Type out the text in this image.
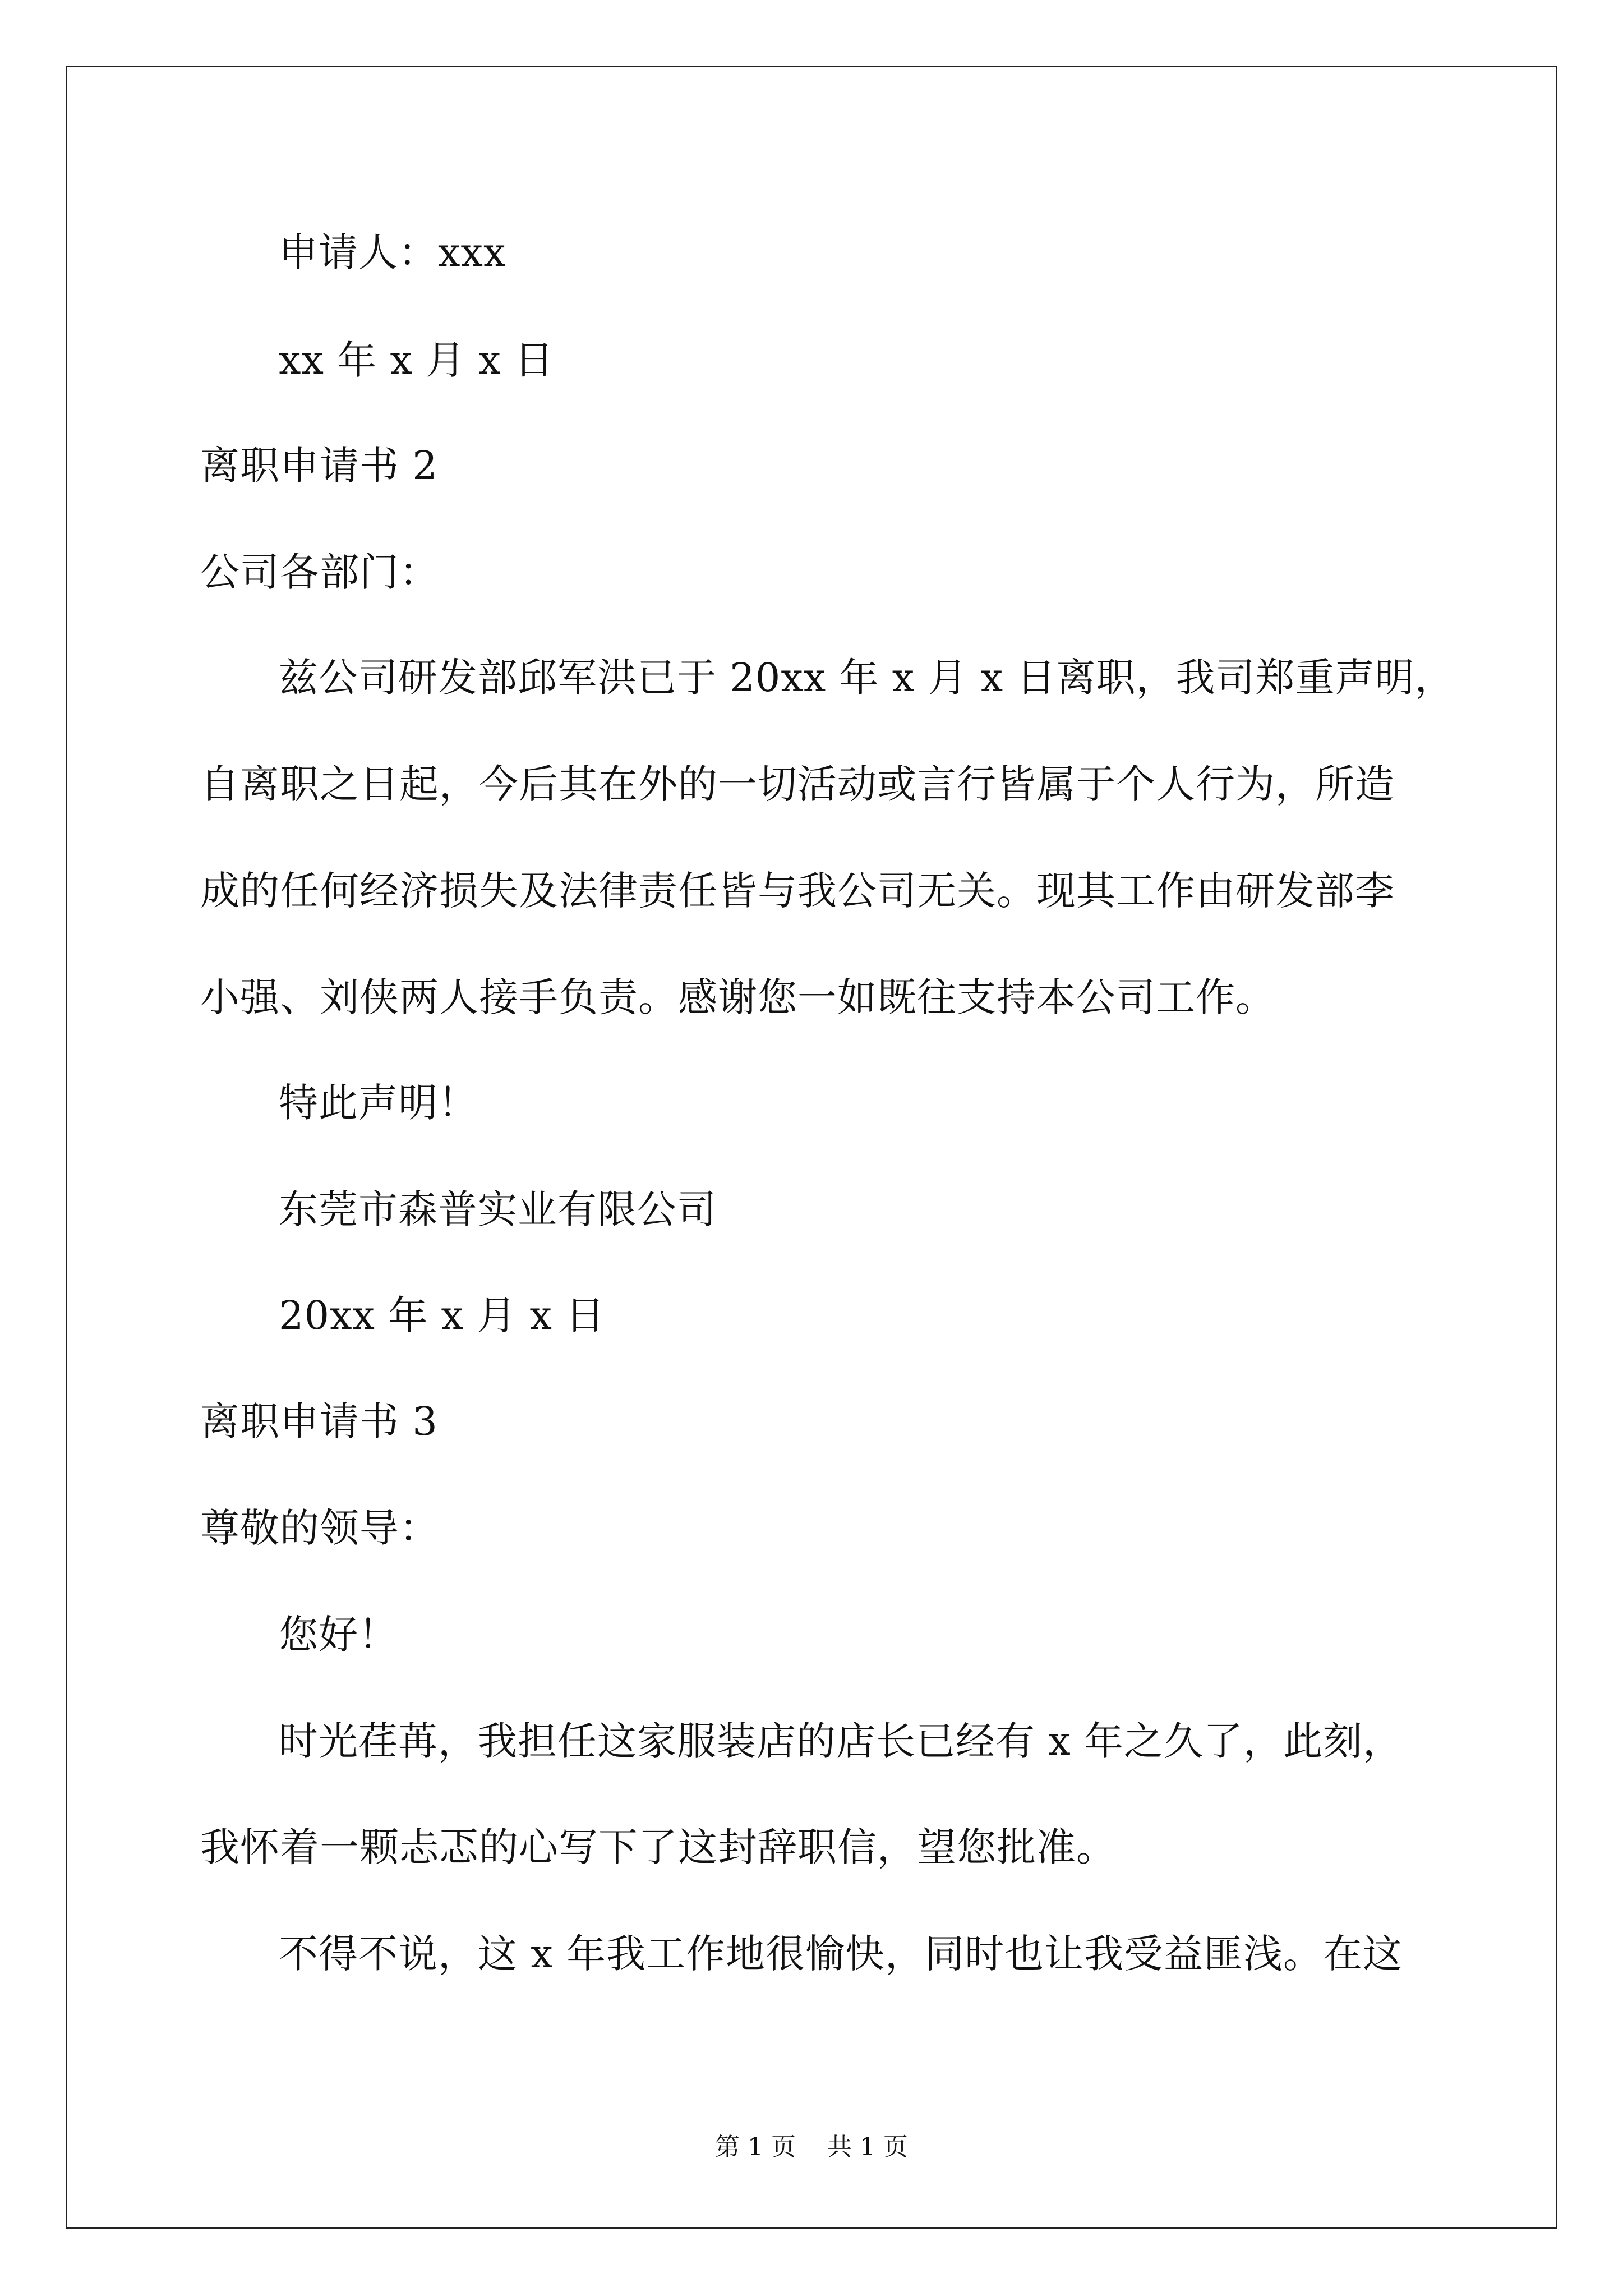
申请人：xxx
xx 年 x 月 x 日
离职申请书 2
公司各部门：
兹公司研发部邱军洪已于 20xx 年 x 月 x 日离职，我司郑重声明，
自离职之日起，今后其在外的一切活动或言行皆属于个人行为，所造
成的任何经济损失及法律责任皆与我公司无关。现其工作由研发部李
小强、刘侠两人接手负责。感谢您一如既往支持本公司工作。
特此声明！
东莞市森普实业有限公司
20xx 年 x 月 x 日
离职申请书 3
尊敬的领导：
您好！
时光荏苒，我担任这家服装店的店长已经有 x 年之久了，此刻，
我怀着一颗忐忑的心写下了这封辞职信，望您批准。
不得不说，这 x 年我工作地很愉快，同时也让我受益匪浅。在这
第 1 页    共 1 页
